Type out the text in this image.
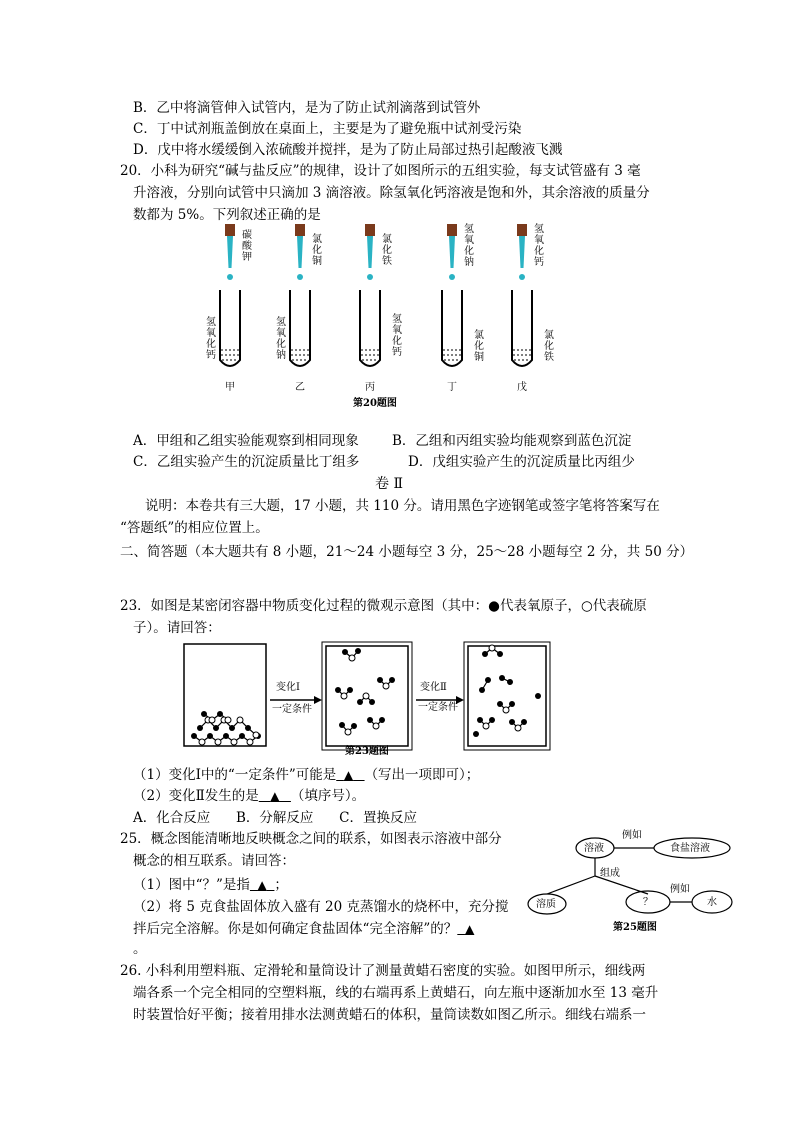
B．乙中将滴管伸入试管内，是为了防止试剂滴落到试管外
C．丁中试剂瓶盖倒放在桌面上，主要是为了避免瓶中试剂受污染
D．戊中将水缓缓倒入浓硫酸并搅拌，是为了防止局部过热引起酸液飞溅
20．小科为研究“碱与盐反应”的规律，设计了如图所示的五组实验，每支试管盛有 3 毫
升溶液，分别向试管中只滴加 3 滴溶液。除氢氧化钙溶液是饱和外，其余溶液的质量分
数都为 5%。下列叙述正确的是
碳酸钾
氯化铜
氯化铁
氢氧化钠
氢氧化钙
氢氧化钙
氢氧化钠
氢氧化钙
氯化铜
氯化铁
甲	乙	丙	丁	戊
第20题图
A．甲组和乙组实验能观察到相同现象 B．乙组和丙组实验均能观察到蓝色沉淀
C．乙组实验产生的沉淀质量比丁组多	D．戊组实验产生的沉淀质量比丙组少
卷 Ⅱ
说明：本卷共有三大题，17 小题，共 110 分。请用黑色字迹钢笔或签字笔将答案写在
“答题纸”的相应位置上。
二、简答题（本大题共有 8 小题，21～24 小题每空 3 分，25～28 小题每空 2 分，共 50 分）
23．如图是某密闭容器中物质变化过程的微观示意图（其中：●代表氧原子，○代表硫原
子）。请回答：
变化Ⅰ
一定条件
变化Ⅱ
一定条件
第23题图
（1）变化Ⅰ中的“一定条件”可能是 ▲ （写出一项即可）；
（2）变化Ⅱ发生的是 ▲ （填序号）。
A．化合反应      B．分解反应      C．置换反应
25．概念图能清晰地反映概念之间的联系，如图表示溶液中部分
概念的相互联系。请回答：
（1）图中“？”是指 ▲ ；
（2）将 5 克食盐固体放入盛有 20 克蒸馏水的烧杯中，充分搅
拌后完全溶解。你是如何确定食盐固体“完全溶解”的？ ▲
。
溶液
例如
食盐溶液
组成
溶质	？
例如
水
第25题图
26. 小科利用塑料瓶、定滑轮和量筒设计了测量黄蜡石密度的实验。如图甲所示，细线两
端各系一个完全相同的空塑料瓶，线的右端再系上黄蜡石，向左瓶中逐渐加水至 13 毫升
时装置恰好平衡；接着用排水法测黄蜡石的体积，量筒读数如图乙所示。细线右端系一
